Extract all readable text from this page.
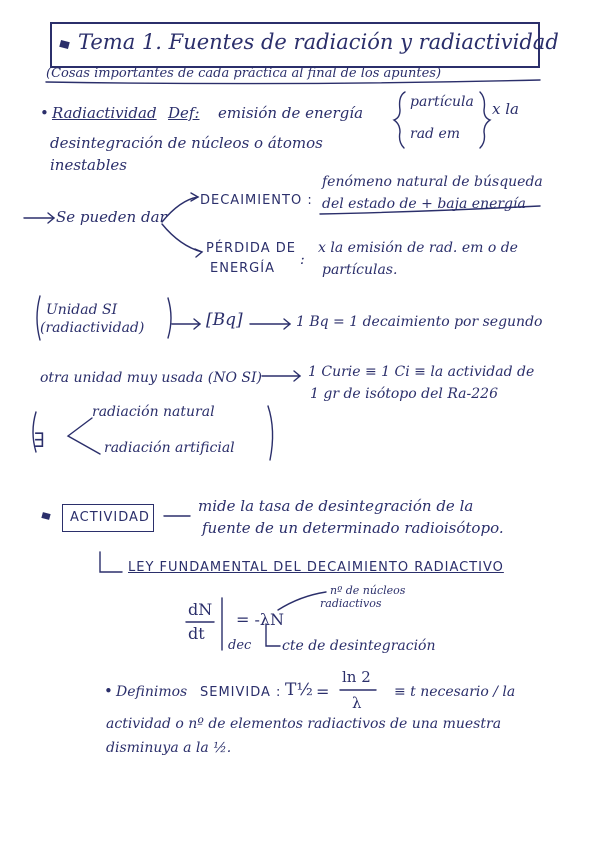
Tema 1. Fuentes de radiación y radiactividad
(Cosas importantes de cada práctica al final de los apuntes)
• Radiactividad Def: emisión de energía
partícula
rad em
x la
desintegración de núcleos o átomos
inestables
Se pueden dar
DECAIMIENTO :
fenómeno natural de búsqueda
del estado de + baja energía
PÉRDIDA DE
ENERGÍA
:
x la emisión de rad. em o de
partículas.
Unidad SI
(radiactividad)	[Bq]	1 Bq = 1 decaimiento por segundo
otra unidad muy usada (NO SI)	1 Curie ≡ 1 Ci ≡ la actividad de
1 gr de isótopo del Ra-226
∃
radiación natural
radiación artificial
ACTIVIDAD
mide la tasa de desintegración de la
fuente de un determinado radioisótopo.
LEY FUNDAMENTAL DEL DECAIMIENTO RADIACTIVO
dN
dt
dec
= -λN
nº de núcleos
radiactivos
cte de desintegración
• Definimos SEMIVIDA : T½ =
ln 2
λ
≡ t necesario / la
actividad o nº de elementos radiactivos de una muestra
disminuya a la ½.
